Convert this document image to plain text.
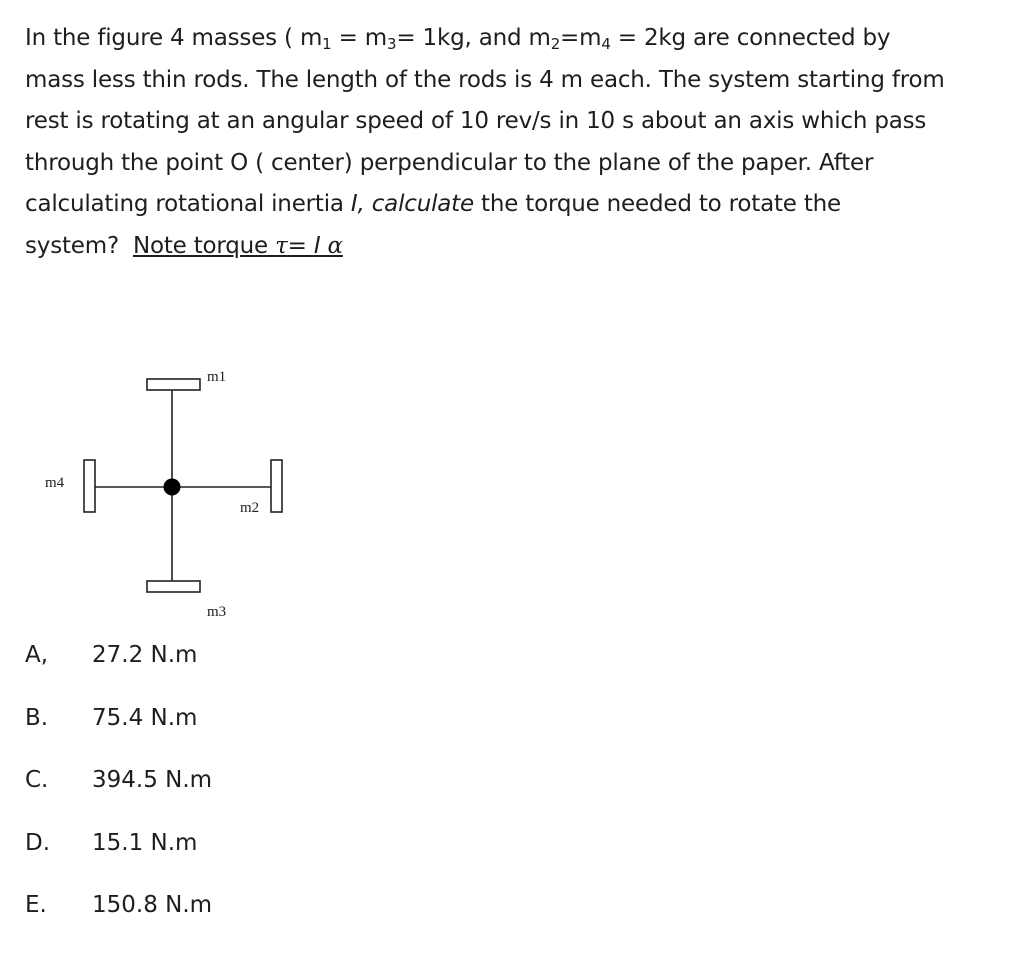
In the figure 4 masses ( $m_1 = m_3= 1kg$, and $m_2=m_4 = 2kg$ are connected by
mass less thin rods. The length of the rods is 4 m each. The system starting from
rest is rotating at an angular speed of 10 rev/s in 10 s about an axis which pass
through the point O ( center) perpendicular to the plane of the paper. After
calculating rotational inertia I, calculate the torque needed to rotate the
system? Note torque τ= I α
m1
m2
m3
m4
A, 27.2 N.m
B. 75.4 N.m
C. 394.5 N.m
D. 15.1 N.m
E. 150.8 N.m
